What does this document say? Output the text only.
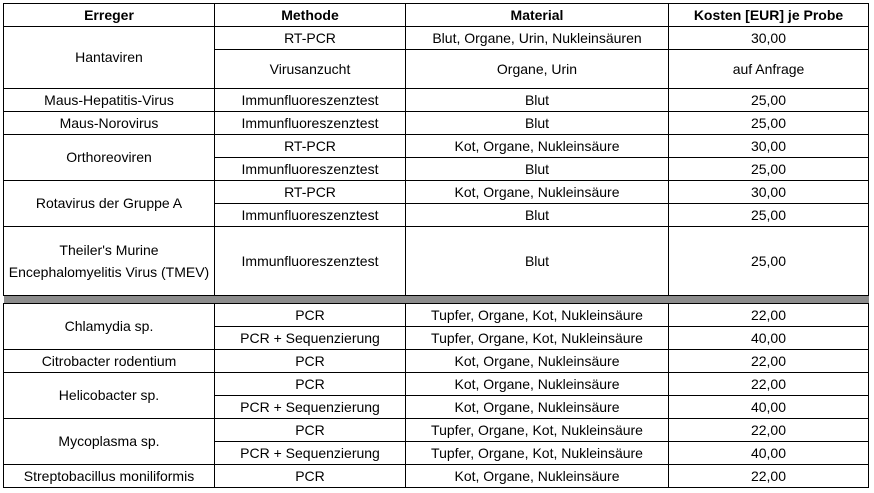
Erreger	Methode	Material	Kosten [EUR] je Probe
Hantaviren	RT-PCR	Blut, Organe, Urin, Nukleinsäuren	30,00
	Virusanzucht	Organe, Urin	auf Anfrage
Maus-Hepatitis-Virus	Immunfluoreszenztest	Blut	25,00
Maus-Norovirus	Immunfluoreszenztest	Blut	25,00
Orthoreoviren	RT-PCR	Kot, Organe, Nukleinsäure	30,00
	Immunfluoreszenztest	Blut	25,00
Rotavirus der Gruppe A	RT-PCR	Kot, Organe, Nukleinsäure	30,00
	Immunfluoreszenztest	Blut	25,00
Theiler's Murine Encephalomyelitis Virus (TMEV)	Immunfluoreszenztest	Blut	25,00

Chlamydia sp.	PCR	Tupfer, Organe, Kot, Nukleinsäure	22,00
	PCR + Sequenzierung	Tupfer, Organe, Kot, Nukleinsäure	40,00
Citrobacter rodentium	PCR	Kot, Organe, Nukleinsäure	22,00
Helicobacter sp.	PCR	Kot, Organe, Nukleinsäure	22,00
	PCR + Sequenzierung	Kot, Organe, Nukleinsäure	40,00
Mycoplasma sp.	PCR	Tupfer, Organe, Kot, Nukleinsäure	22,00
	PCR + Sequenzierung	Tupfer, Organe, Kot, Nukleinsäure	40,00
Streptobacillus moniliformis	PCR	Kot, Organe, Nukleinsäure	22,00
